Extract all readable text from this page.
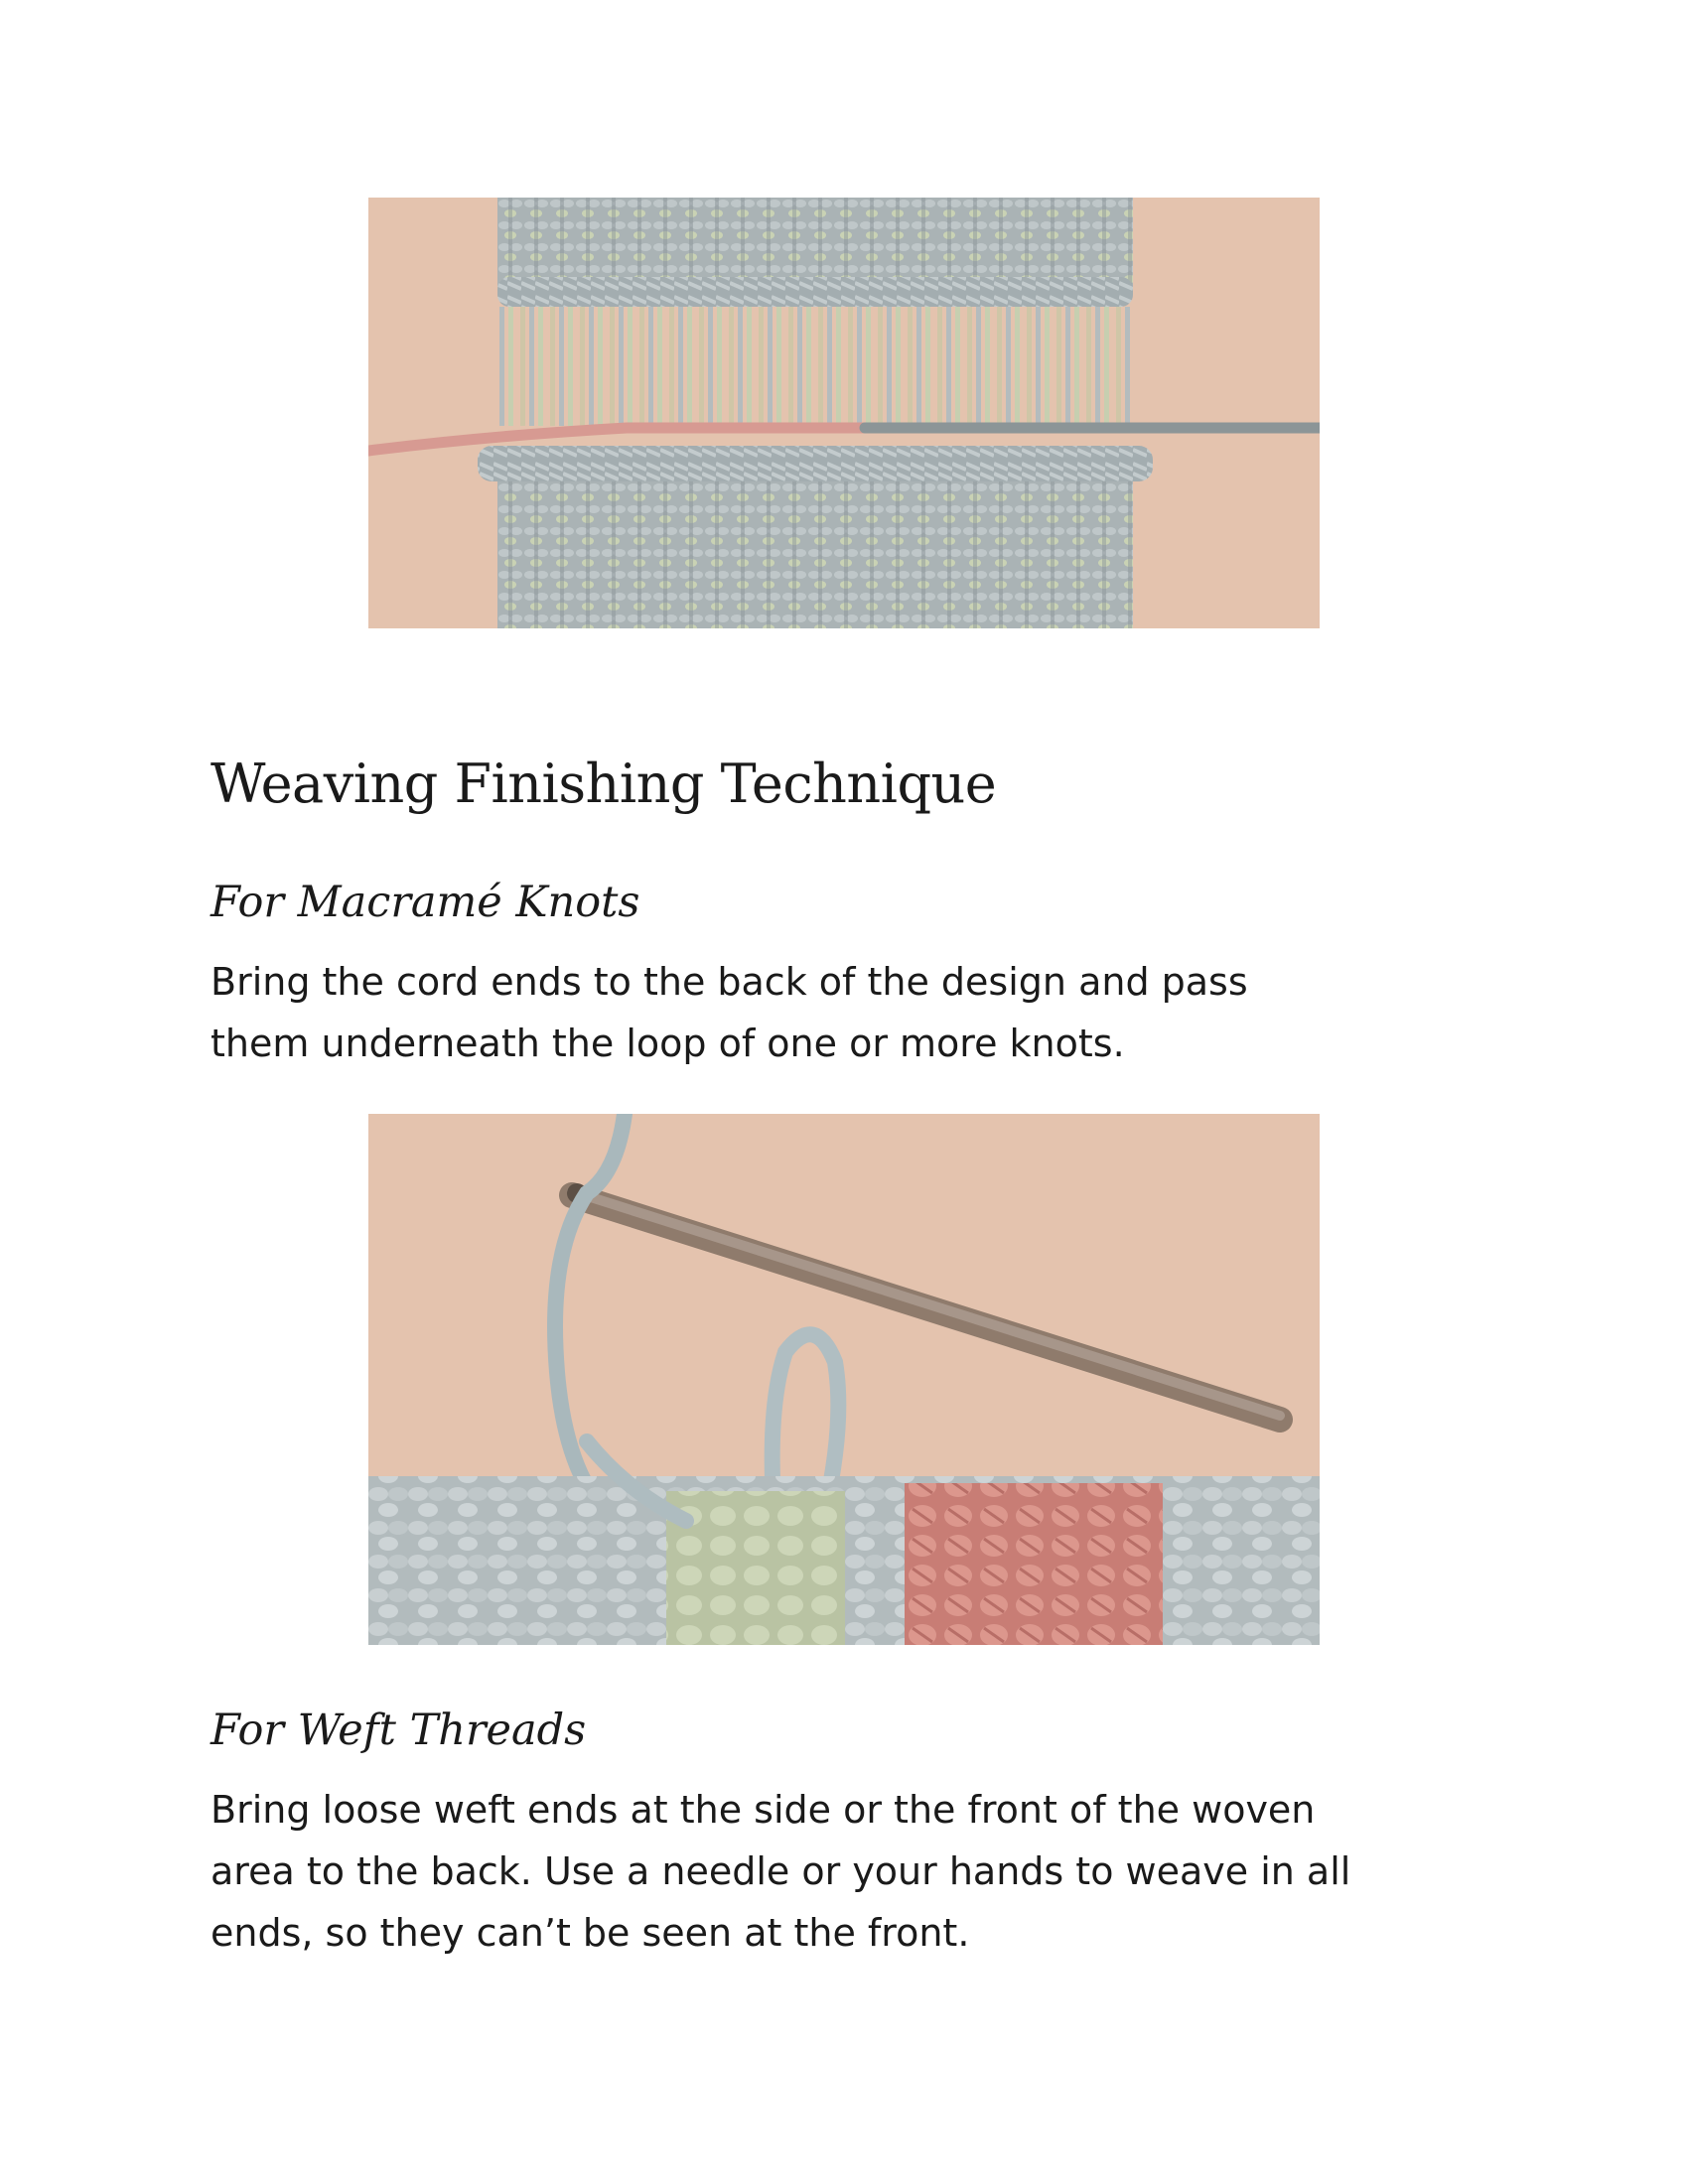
Weaving Finishing Technique
For Macramé Knots

Bring the cord ends to the back of the design and pass
them underneath the loop of one or more knots.

For Weft Threads

Bring loose weft ends at the side or the front of the woven
area to the back. Use a needle or your hands to weave in all
ends, so they can’t be seen at the front.
